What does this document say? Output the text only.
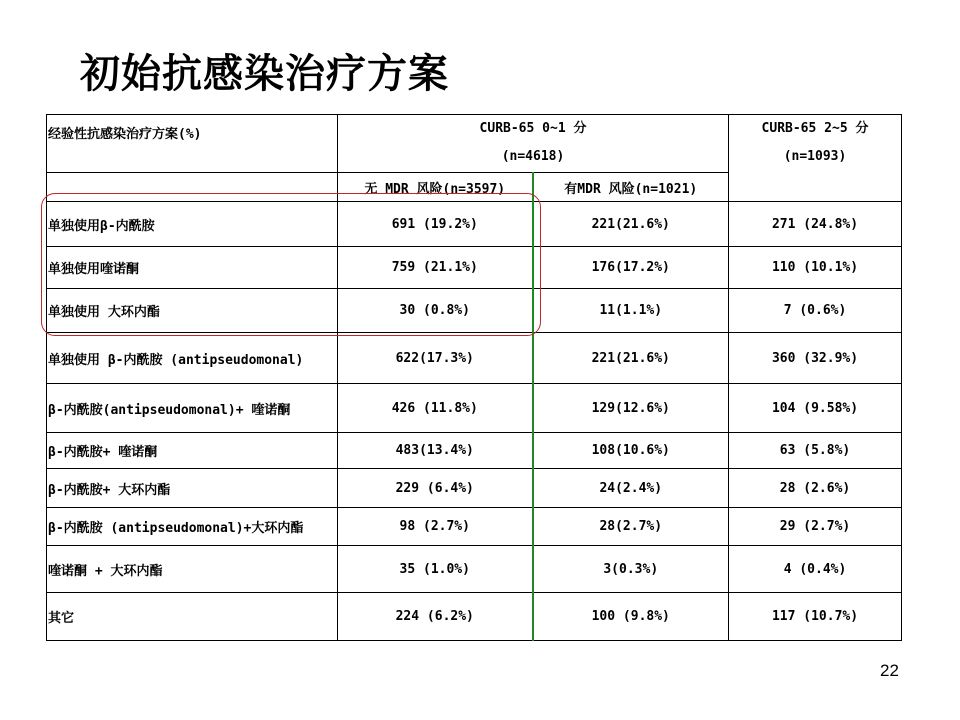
初始抗感染治疗方案
经验性抗感染治疗方案(%)	CURB-65 0~1 分
(n=4618)		CURB-65 2~5 分
(n=1093)

	无 MDR 风险(n=3597)	有MDR 风险(n=1021)	
单独使用β-内酰胺	691 (19.2%)	221(21.6%)	271 (24.8%)
单独使用喹诺酮	759 (21.1%)	176(17.2%)	110 (10.1%)
单独使用 大环内酯	30 (0.8%)	11(1.1%)	7 (0.6%)
单独使用 β-内酰胺 (antipseudomonal)	622(17.3%)	221(21.6%)	360 (32.9%)
β-内酰胺(antipseudomonal)+ 喹诺酮	426 (11.8%)	129(12.6%)	104 (9.58%)
β-内酰胺+ 喹诺酮	483(13.4%)	108(10.6%)	63 (5.8%)
β-内酰胺+ 大环内酯	229 (6.4%)	24(2.4%)	28 (2.6%)
β-内酰胺 (antipseudomonal)+大环内酯	98 (2.7%)	28(2.7%)	29 (2.7%)
喹诺酮 + 大环内酯	35 (1.0%)	3(0.3%)	4 (0.4%)
其它	224 (6.2%)	100 (9.8%)	117 (10.7%)
22
